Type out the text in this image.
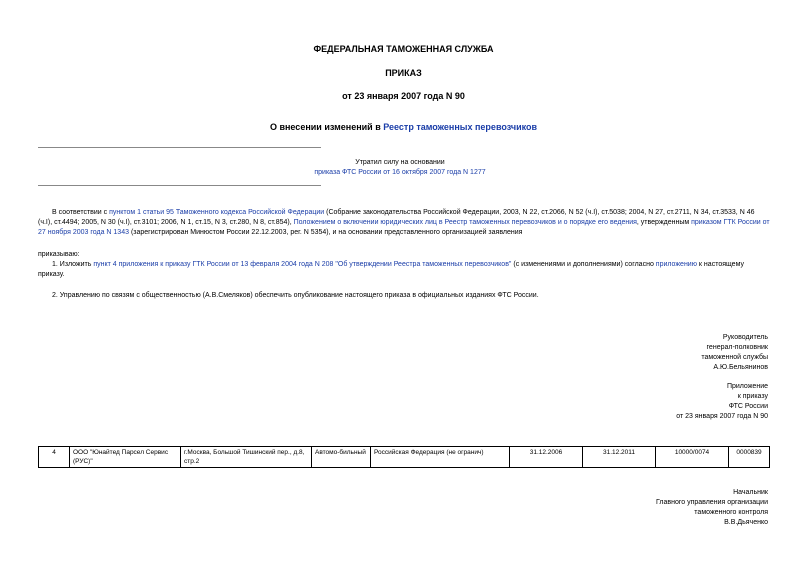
ФЕДЕРАЛЬНАЯ ТАМОЖЕННАЯ СЛУЖБА
ПРИКАЗ
от 23 января 2007 года N 90
О внесении изменений в Реестр таможенных перевозчиков
Утратил силу на основании
приказа ФТС России от 16 октября 2007 года N 1277
В соответствии с пунктом 1 статьи 95 Таможенного кодекса Российской Федерации (Собрание законодательства Российской Федерации, 2003, N 22, ст.2066, N 52 (ч.I), ст.5038; 2004, N 27, ст.2711, N 34, ст.3533, N 46 (ч.I), ст.4494; 2005, N 30 (ч.I), ст.3101; 2006, N 1, ст.15, N 3, ст.280, N 8, ст.854), Положением о включении юридических лиц в Реестр таможенных перевозчиков и о порядке его ведения, утвержденным приказом ГТК России от 27 ноября 2003 года N 1343 (зарегистрирован Минюстом России 22.12.2003, рег. N 5354), и на основании представленного организацией заявления
приказываю:
1. Изложить пункт 4 приложения к приказу ГТК России от 13 февраля 2004 года N 208 "Об утверждении Реестра таможенных перевозчиков" (с изменениями и дополнениями) согласно приложению к настоящему приказу.
2. Управлению по связям с общественностью (А.В.Смеляков) обеспечить опубликование настоящего приказа в официальных изданиях ФТС России.
Руководитель
генерал-полковник
таможенной службы
А.Ю.Бельянинов
Приложение
к приказу
ФТС России
от 23 января 2007 года N 90
4	ООО "Юнайтед Парсел Сервис (РУС)"	г.Москва, Большой Тишинский пер., д.8, стр.2	Автомо-бильный	Российская Федерация (не огранич)	31.12.2006	31.12.2011	10000/0074	0000839
Начальник
Главного управления организации
таможенного контроля
В.В.Дьяченко
